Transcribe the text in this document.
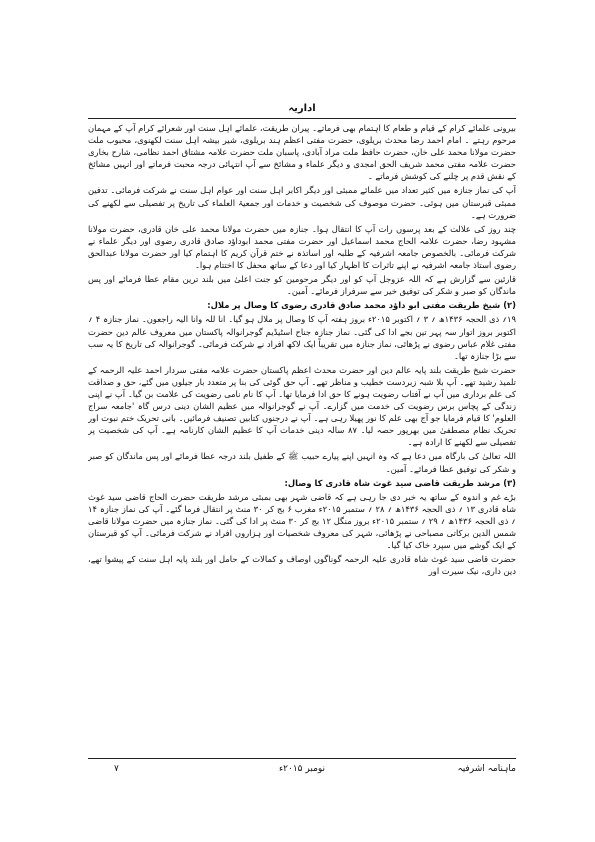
اداریہ

بیرونی علمائے کرام کے قیام و طعام کا اہتمام بھی فرماتے۔ پیران طریقت، علمائے اہل سنت اور شعرائے کرام آپ کے مہمان مرحوم رہتے ۔ امام احمد رضا محدث بریلوی، حضرت مفتی اعظم ہند بریلوی، شیر بیشہ اہل سنت لکھنوی، محبوب ملت حضرت مولانا محمد علی خان، حضرت حافظ ملت مراد آبادی، پاسبان ملت حضرت علامہ مشتاق احمد نظامی، شارح بخاری حضرت علامہ مفتی محمد شریف الحق امجدی و دیگر علماء و مشائخ سے آپ انتہائی درجہ محبت فرماتے اور انہیں مشائخ کے نقش قدم پر چلنے کی کوشش فرماتے ۔

آپ کی نماز جنازہ میں کثیر تعداد میں علمائے ممبئی اور دیگر اکابر اہل سنت اور عوام اہل سنت نے شرکت فرمائی۔ تدفین ممبئی قبرستان میں ہوئی۔ حضرت موصوف کی شخصیت و خدمات اور جمعیۃ العلماء کی تاریخ پر تفصیلی سے لکھنے کی ضرورت ہے۔

چند روز کی علالت کے بعد پرسوں رات آپ کا انتقال ہوا۔ جنازہ میں حضرت مولانا محمد علی خان قادری، حضرت مولانا مشہود رضا، حضرت علامہ الحاج محمد اسماعیل اور حضرت مفتی محمد ابوداؤد صادق قادری رضوی اور دیگر علماء نے شرکت فرمائی۔ بالخصوص جامعہ اشرفیہ کے طلبہ اور اساتذہ نے ختم قرآن کریم کا اہتمام کیا اور حضرت مولانا عبدالحق رضوی استاذ جامعہ اشرفیہ نے اپنے تاثرات کا اظہار کیا اور دعا کے ساتھ محفل کا اختتام ہوا۔

قارئین سے گزارش ہے کہ اللہ عزوجل آپ کو اور دیگر مرحومین کو جنت اعلیٰ میں بلند ترین مقام عطا فرمائے اور پس ماندگان کو صبر و شکر کی توفیق خیر سے سرفراز فرمائے۔ آمین۔

(۲) شیخ طریقت مفتی ابو داؤد محمد صادق قادری رضوی کا وصال پر ملال:

۱۹؍ ذی الحجہ ۱۴۳۶ھ ؍ ۳ ؍ اکتوبر ۲۰۱۵ء بروز ہفتہ آپ کا وصال پر ملال ہو گیا۔ انا للہ وانا الیہ راجعون۔ نماز جنازہ ۴ ؍ اکتوبر بروز اتوار سہ پہر تین بجے ادا کی گئی۔ نماز جنازہ جناح اسٹیڈیم گوجرانوالہ پاکستان میں معروف عالم دین حضرت مفتی غلام عباس رضوی نے پڑھائی، نماز جنازہ میں تقریباً ایک لاکھ افراد نے شرکت فرمائی۔ گوجرانوالہ کی تاریخ کا یہ سب سے بڑا جنازہ تھا۔

حضرت شیخ طریقت بلند پایہ عالم دین اور حضرت محدث اعظم پاکستان حضرت علامہ مفتی سردار احمد علیہ الرحمہ کے تلمیذ رشید تھے۔ آپ بلا شبہ زبردست خطیب و مناظر تھے۔ آپ حق گوئی کی بنا پر متعدد بار جیلوں میں گئے، حق و صداقت کی علم برداری میں آپ نے آفتاب رضویت ہونے کا حق ادا فرمایا تھا۔ آپ کا نام نامی رضویت کی علامت بن گیا۔ آپ نے اپنی زندگی کے پچاس برس رضویت کی خدمت میں گزارے۔ آپ نے گوجرانوالہ میں عظیم الشان دینی درس گاہ 'جامعہ سراج العلوم' کا قیام فرمایا جو آج بھی علم کا نور پھیلا رہی ہے۔ آپ نے درجنوں کتابیں تصنیف فرمائیں۔ بانی تحریک ختم نبوت اور تحریک نظام مصطفیٰ میں بھرپور حصہ لیا۔ ۸۷ سالہ دینی خدمات آپ کا عظیم الشان کارنامہ ہے۔ آپ کی شخصیت پر تفصیلی سے لکھنے کا ارادہ ہے۔

اللہ تعالیٰ کی بارگاہ میں دعا ہے کہ وہ انہیں اپنے پیارے حبیب ﷺ کے طفیل بلند درجہ عطا فرمائے اور پس ماندگان کو صبر و شکر کی توفیق عطا فرمائے۔ آمین۔

(۳) مرشد طریقت قاضی سید غوث شاہ قادری کا وصال:

بڑے غم و اندوہ کے ساتھ یہ خبر دی جا رہی ہے کہ قاضی شہر بھی بمبئی مرشد طریقت حضرت الحاج قاضی سید غوث شاہ قادری ۱۳ ؍ ذی الحجہ ۱۴۳۶ھ ؍ ۲۸ ؍ ستمبر ۲۰۱۵ء مغرب ۶ بج کر ۳۰ منٹ پر انتقال فرما گئے۔ آپ کی نماز جنازہ ۱۴ ؍ ذی الحجہ ۱۴۳۶ھ ؍ ۲۹ ؍ ستمبر ۲۰۱۵ء بروز منگل ۱۲ بج کر ۳۰ منٹ پر ادا کی گئی۔ نماز جنازہ میں حضرت مولانا قاضی شمس الدین برکاتی مصباحی نے پڑھائی، شہر کی معروف شخصیات اور ہزاروں افراد نے شرکت فرمائی۔ آپ کو قبرستان کے ایک گوشے میں سپرد خاک کیا گیا۔

حضرت قاضی سید غوث شاہ قادری علیہ الرحمہ گوناگوں اوصاف و کمالات کے حامل اور بلند پایہ اہل سنت کے پیشوا تھے، دین داری، نیک سیرت اور

ماہنامہ اشرفیہ
نومبر ۲۰۱۵ء
۷
